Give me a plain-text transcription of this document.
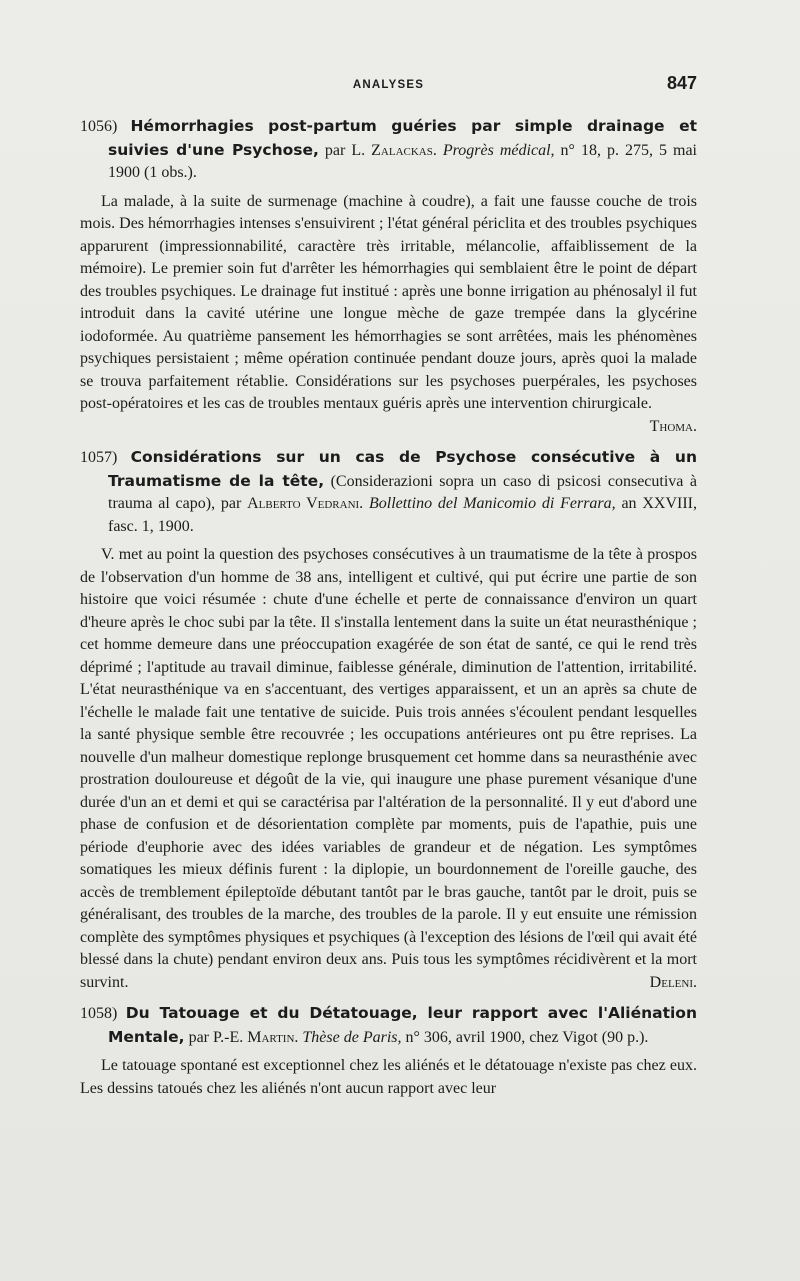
ANALYSES	847

1056) Hémorrhagies post-partum guéries par simple drainage et suivies d'une Psychose, par L. Zalackas. Progrès médical, n° 18, p. 275, 5 mai 1900 (1 obs.).

La malade, à la suite de surmenage (machine à coudre), a fait une fausse couche de trois mois. Des hémorrhagies intenses s'ensuivirent ; l'état général périclita et des troubles psychiques apparurent (impressionnabilité, caractère très irritable, mélancolie, affaiblissement de la mémoire). Le premier soin fut d'arrêter les hémorrhagies qui semblaient être le point de départ des troubles psychiques. Le drainage fut institué : après une bonne irrigation au phénosalyl il fut introduit dans la cavité utérine une longue mèche de gaze trempée dans la glycérine iodoformée. Au quatrième pansement les hémorrhagies se sont arrêtées, mais les phénomènes psychiques persistaient ; même opération continuée pendant douze jours, après quoi la malade se trouva parfaitement rétablie. Considérations sur les psychoses puerpérales, les psychoses post-opératoires et les cas de troubles mentaux guéris après une intervention chirurgicale.
Thoma.

1057) Considérations sur un cas de Psychose consécutive à un Traumatisme de la tête, (Considerazioni sopra un caso di psicosi consecutiva à trauma al capo), par Alberto Vedrani. Bollettino del Manicomio di Ferrara, an XXVIII, fasc. 1, 1900.

V. met au point la question des psychoses consécutives à un traumatisme de la tête à prospos de l'observation d'un homme de 38 ans, intelligent et cultivé, qui put écrire une partie de son histoire que voici résumée : chute d'une échelle et perte de connaissance d'environ un quart d'heure après le choc subi par la tête. Il s'installa lentement dans la suite un état neurasthénique ; cet homme demeure dans une préoccupation exagérée de son état de santé, ce qui le rend très déprimé ; l'aptitude au travail diminue, faiblesse générale, diminution de l'attention, irritabilité. L'état neurasthénique va en s'accentuant, des vertiges apparaissent, et un an après sa chute de l'échelle le malade fait une tentative de suicide. Puis trois années s'écoulent pendant lesquelles la santé physique semble être recouvrée ; les occupations antérieures ont pu être reprises. La nouvelle d'un malheur domestique replonge brusquement cet homme dans sa neurasthénie avec prostration douloureuse et dégoût de la vie, qui inaugure une phase purement vésanique d'une durée d'un an et demi et qui se caractérisa par l'altération de la personnalité. Il y eut d'abord une phase de confusion et de désorientation complète par moments, puis de l'apathie, puis une période d'euphorie avec des idées variables de grandeur et de négation. Les symptômes somatiques les mieux définis furent : la diplopie, un bourdonnement de l'oreille gauche, des accès de tremblement épileptoïde débutant tantôt par le bras gauche, tantôt par le droit, puis se généralisant, des troubles de la marche, des troubles de la parole. Il y eut ensuite une rémission complète des symptômes physiques et psychiques (à l'exception des lésions de l'œil qui avait été blessé dans la chute) pendant environ deux ans. Puis tous les symptômes récidivèrent et la mort survint.	Deleni.

1058) Du Tatouage et du Détatouage, leur rapport avec l'Aliénation Mentale, par P.-E. Martin. Thèse de Paris, n° 306, avril 1900, chez Vigot (90 p.).

Le tatouage spontané est exceptionnel chez les aliénés et le détatouage n'existe pas chez eux. Les dessins tatoués chez les aliénés n'ont aucun rapport avec leur
